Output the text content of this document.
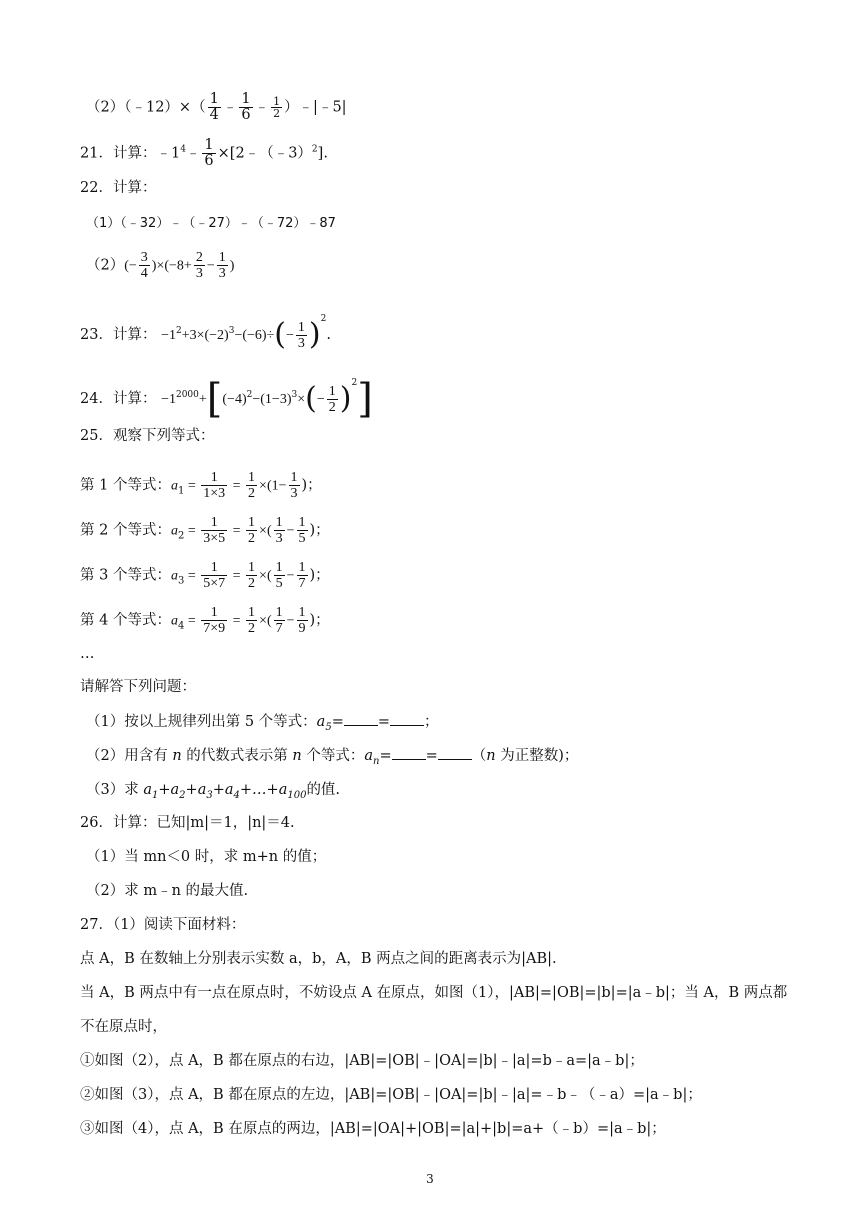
（2）（﹣12）×（ $\frac{1}{4}$ ﹣ $\frac{1}{6}$ ﹣ $\frac{1}{2}$ ）﹣|﹣5|
21．计算：$﹣1^4﹣ \frac{1}{6}$ ×[2﹣（﹣3）$^2$].
22．计算：
（1）（﹣32）﹣（﹣27）﹣（﹣72）﹣87
$(2)(- \frac{3}{4} )\times(-8+ \frac{2}{3} - \frac{1}{3}$ )
23．计算： $-1^2+3\times(-2)^3-(-6)\div(- \frac{1}{3} )^2$.
24．计算： $-1^{2000}+[(-4)^2-(1-3)^3\times(- \frac{1}{2} )^2]$
25．观察下列等式：
第 1 个等式：$a_1 = \frac{1}{1\times 3} = \frac{1}{2} \times(1- \frac{1}{3}$ )；
第 2 个等式：$a_2 = \frac{1}{3\times 5} = \frac{1}{2}$ ×( $\frac{1}{3} - \frac{1}{5}$ )；
第 3 个等式：$a_3 = \frac{1}{5\times 7} = \frac{1}{2}$ ×( $\frac{1}{5} - \frac{1}{7}$ )；
第 4 个等式：$a_4 = \frac{1}{7\times 9} = \frac{1}{2}$ ×( $\frac{1}{7} - \frac{1}{9}$ )；
…
请解答下列问题：
（1）按以上规律列出第 5 个等式：$a_5=$ = ；
（2）用含有 n 的代数式表示第 n 个等式：$a_n= = (n$ 为正整数)；
（3）求 $a_1+a_2+a_3+a_4+\dots+a_{100}$的值.
26．计算：已知|m|＝1，|n|＝4.
（1）当 mn＜0 时，求 m+n 的值；
（2）求 m﹣n 的最大值.
27．（1）阅读下面材料：
点 A，B 在数轴上分别表示实数 a，b，A，B 两点之间的距离表示为|AB|.
当 A，B 两点中有一点在原点时，不妨设点 A 在原点，如图（1），|AB|=|OB|=|b|=|a﹣b|；当 A，B 两点都
不在原点时，
①如图（2），点 A，B 都在原点的右边，|AB|=|OB|﹣|OA|=|b|﹣|a|=b﹣a=|a﹣b|；
②如图（3），点 A，B 都在原点的左边，|AB|=|OB|﹣|OA|=|b|﹣|a|=﹣b﹣（﹣a）=|a﹣b|；
③如图（4），点 A，B 在原点的两边，|AB|=|OA|+|OB|=|a|+|b|=a+（﹣b）=|a﹣b|；
3
